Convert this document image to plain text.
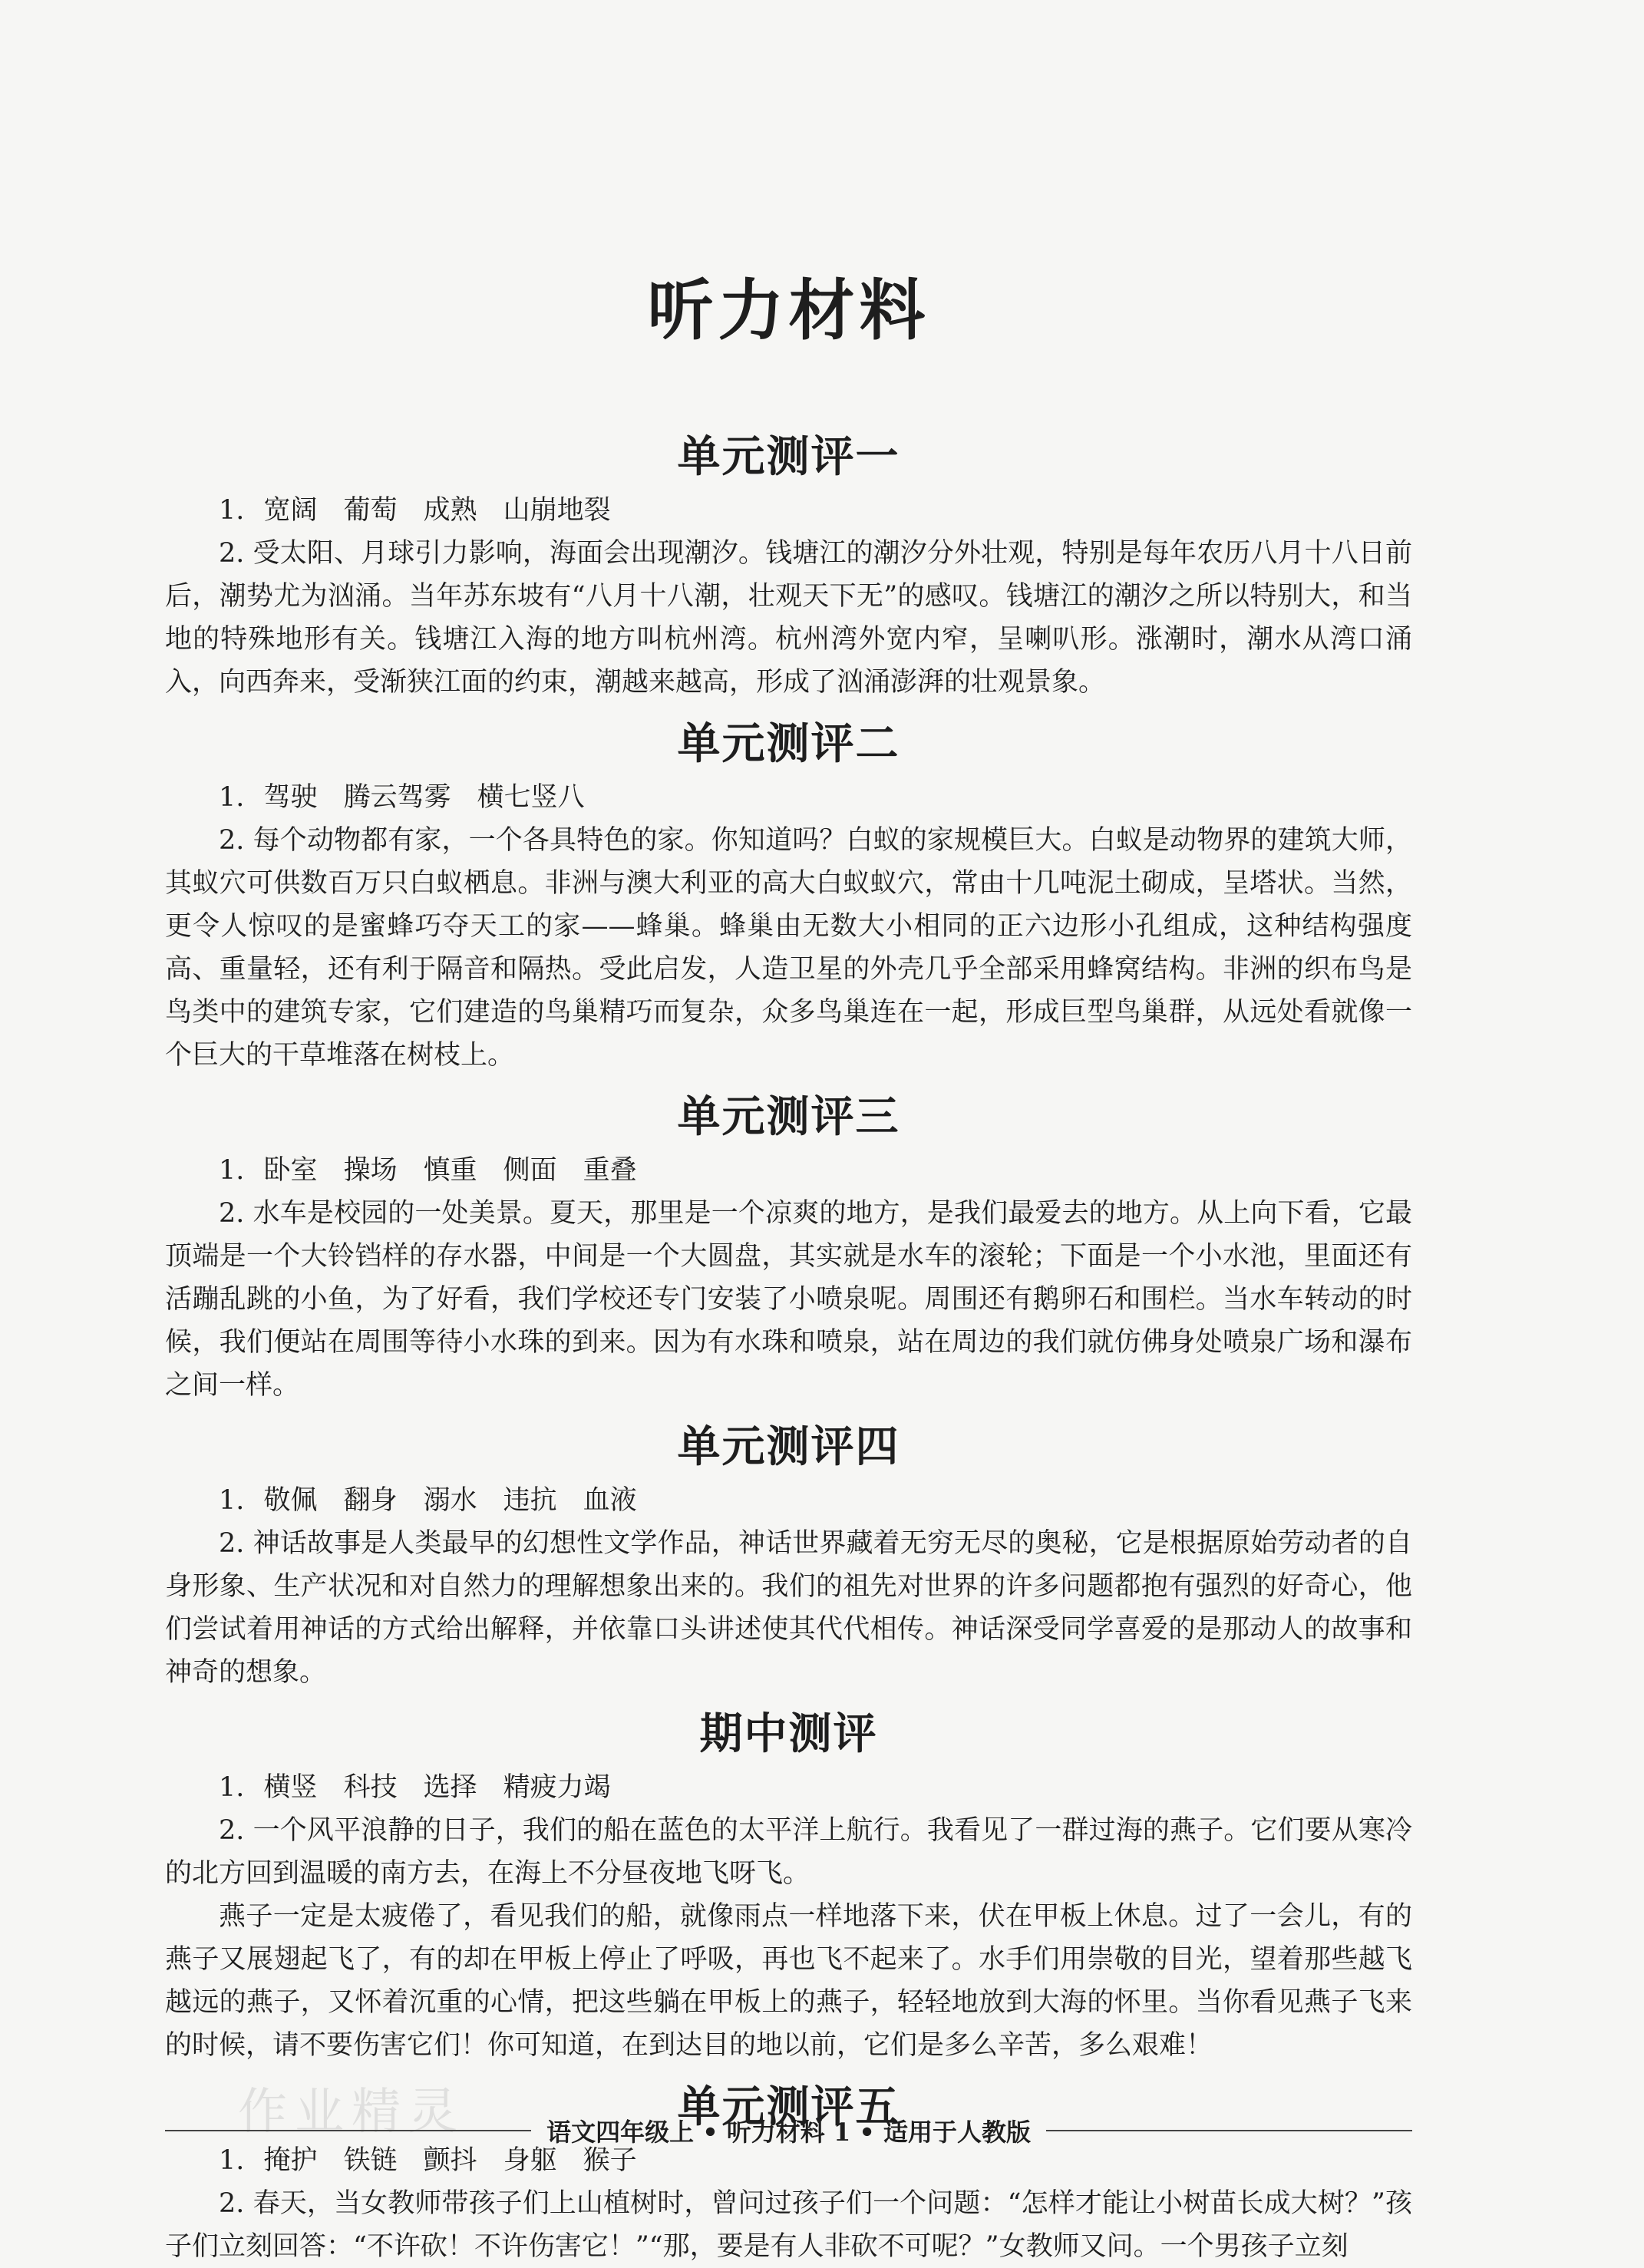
听力材料
单元测评一

1. 宽阔 葡萄 成熟 山崩地裂

2. 受太阳、月球引力影响，海面会出现潮汐。钱塘江的潮汐分外壮观，特别是每年农历八月十八日前后，潮势尤为汹涌。当年苏东坡有“八月十八潮，壮观天下无”的感叹。钱塘江的潮汐之所以特别大，和当地的特殊地形有关。钱塘江入海的地方叫杭州湾。杭州湾外宽内窄，呈喇叭形。涨潮时，潮水从湾口涌入，向西奔来，受渐狭江面的约束，潮越来越高，形成了汹涌澎湃的壮观景象。

单元测评二

1. 驾驶 腾云驾雾 横七竖八

2. 每个动物都有家，一个各具特色的家。你知道吗？白蚁的家规模巨大。白蚁是动物界的建筑大师，其蚁穴可供数百万只白蚁栖息。非洲与澳大利亚的高大白蚁蚁穴，常由十几吨泥土砌成，呈塔状。当然，更令人惊叹的是蜜蜂巧夺天工的家——蜂巢。蜂巢由无数大小相同的正六边形小孔组成，这种结构强度高、重量轻，还有利于隔音和隔热。受此启发，人造卫星的外壳几乎全部采用蜂窝结构。非洲的织布鸟是鸟类中的建筑专家，它们建造的鸟巢精巧而复杂，众多鸟巢连在一起，形成巨型鸟巢群，从远处看就像一个巨大的干草堆落在树枝上。

单元测评三

1. 卧室 操场 慎重 侧面 重叠

2. 水车是校园的一处美景。夏天，那里是一个凉爽的地方，是我们最爱去的地方。从上向下看，它最顶端是一个大铃铛样的存水器，中间是一个大圆盘，其实就是水车的滚轮；下面是一个小水池，里面还有活蹦乱跳的小鱼，为了好看，我们学校还专门安装了小喷泉呢。周围还有鹅卵石和围栏。当水车转动的时候，我们便站在周围等待小水珠的到来。因为有水珠和喷泉，站在周边的我们就仿佛身处喷泉广场和瀑布之间一样。

单元测评四

1. 敬佩 翻身 溺水 违抗 血液

2. 神话故事是人类最早的幻想性文学作品，神话世界藏着无穷无尽的奥秘，它是根据原始劳动者的自身形象、生产状况和对自然力的理解想象出来的。我们的祖先对世界的许多问题都抱有强烈的好奇心，他们尝试着用神话的方式给出解释，并依靠口头讲述使其代代相传。神话深受同学喜爱的是那动人的故事和神奇的想象。

期中测评

1. 横竖 科技 选择 精疲力竭

2. 一个风平浪静的日子，我们的船在蓝色的太平洋上航行。我看见了一群过海的燕子。它们要从寒冷的北方回到温暖的南方去，在海上不分昼夜地飞呀飞。

燕子一定是太疲倦了，看见我们的船，就像雨点一样地落下来，伏在甲板上休息。过了一会儿，有的燕子又展翅起飞了，有的却在甲板上停止了呼吸，再也飞不起来了。水手们用崇敬的目光，望着那些越飞越远的燕子，又怀着沉重的心情，把这些躺在甲板上的燕子，轻轻地放到大海的怀里。当你看见燕子飞来的时候，请不要伤害它们！你可知道，在到达目的地以前，它们是多么辛苦，多么艰难！

单元测评五

1. 掩护 铁链 颤抖 身躯 猴子

2. 春天，当女教师带孩子们上山植树时，曾问过孩子们一个问题：“怎样才能让小树苗长成大树？”孩子们立刻回答：“不许砍！不许伤害它！”“那，要是有人非砍不可呢？”女教师又问。一个男孩子立刻

作业精灵	语文四年级上 • 听力材料 1 • 适用于人教版
